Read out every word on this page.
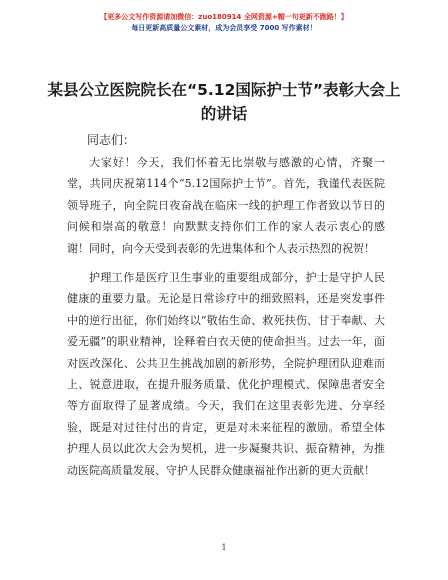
【更多公文写作资源请加微信：zuo180914 全网资源+帽一句更新不跑路！】
每日更新高质量公文素材，成为会员享受 7000 写作素材！
某县公立医院院长在“5.12国际护士节”表彰大会上的讲话
同志们：

大家好！今天，我们怀着无比崇敬与感激的心情，齐聚一堂，共同庆祝第114个“5.12国际护士节”。首先，我谨代表医院领导班子，向全院日夜奋战在临床一线的护理工作者致以节日的问候和崇高的敬意！向默默支持你们工作的家人表示衷心的感谢！同时，向今天受到表彰的先进集体和个人表示热烈的祝贺！

护理工作是医疗卫生事业的重要组成部分，护士是守护人民健康的重要力量。无论是日常诊疗中的细致照料，还是突发事件中的逆行出征，你们始终以“敬佑生命、救死扶伤、甘于奉献、大爱无疆”的职业精神，诠释着白衣天使的使命担当。过去一年，面对医改深化、公共卫生挑战加剧的新形势，全院护理团队迎难而上、锐意进取，在提升服务质量、优化护理模式、保障患者安全等方面取得了显著成绩。今天，我们在这里表彰先进、分享经验，既是对过往付出的肯定，更是对未来征程的激励。希望全体护理人员以此次大会为契机，进一步凝聚共识、振奋精神，为推动医院高质量发展、守护人民群众健康福祉作出新的更大贡献！

1
